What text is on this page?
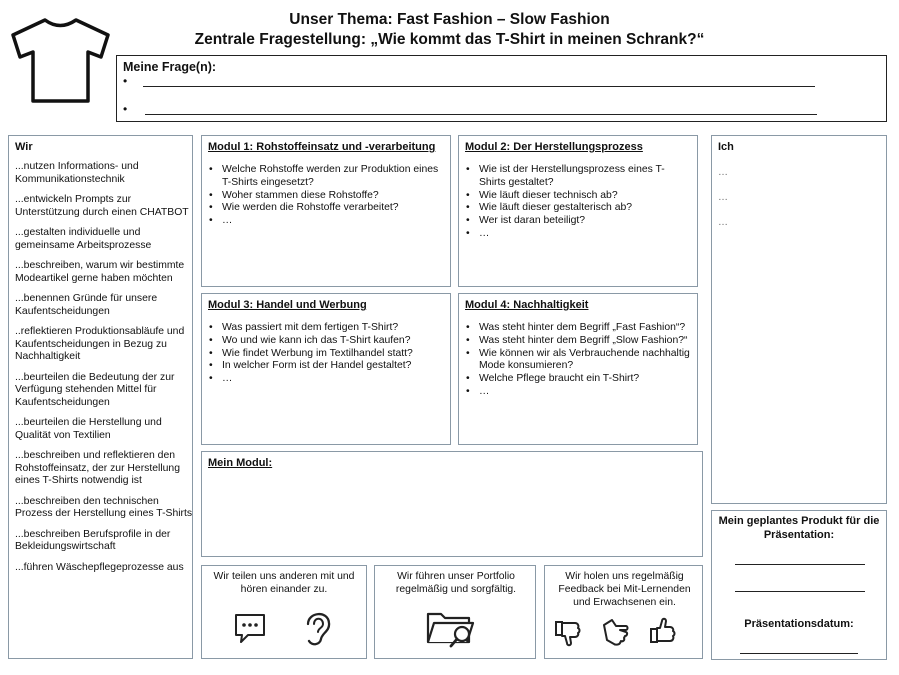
Unser Thema: Fast Fashion – Slow Fashion
Zentrale Fragestellung: „Wie kommt das T-Shirt in meinen Schrank?“
Meine Frage(n):
•
•
Wir
...nutzen Informations- und Kommunikationstechnik
...entwickeln Prompts zur Unterstützung durch einen CHATBOT
...gestalten individuelle und gemeinsame Arbeitsprozesse
...beschreiben, warum wir bestimmte Modeartikel gerne haben möchten
...benennen Gründe für unsere Kaufentscheidungen
..reflektieren Produktionsabläufe und Kaufentscheidungen in Bezug zu Nachhaltigkeit
...beurteilen die Bedeutung der zur Verfügung stehenden Mittel für Kaufentscheidungen
...beurteilen die Herstellung und Qualität von Textilien
...beschreiben und reflektieren den Rohstoffeinsatz, der zur Herstellung eines T-Shirts notwendig ist
...beschreiben den technischen Prozess der Herstellung eines T-Shirts
...beschreiben Berufsprofile in der Bekleidungswirtschaft
...führen Wäschepflegeprozesse aus
Modul 1: Rohstoffeinsatz und -verarbeitung
• Welche Rohstoffe werden zur Produktion eines T-Shirts eingesetzt?
• Woher stammen diese Rohstoffe?
• Wie werden die Rohstoffe verarbeitet?
• …
Modul 2: Der Herstellungsprozess
• Wie ist der Herstellungsprozess eines T-Shirts gestaltet?
• Wie läuft dieser technisch ab?
• Wie läuft dieser gestalterisch ab?
• Wer ist daran beteiligt?
• …
Modul 3: Handel und Werbung
• Was passiert mit dem fertigen T-Shirt?
• Wo und wie kann ich das T-Shirt kaufen?
• Wie findet Werbung im Textilhandel statt?
• In welcher Form ist der Handel gestaltet?
• …
Modul 4: Nachhaltigkeit
• Was steht hinter dem Begriff „Fast Fashion“?
• Was steht hinter dem Begriff „Slow Fashion?“
• Wie können wir als Verbrauchende nachhaltig Mode konsumieren?
• Welche Pflege braucht ein T-Shirt?
• …
Mein Modul:
Ich
…
…
…
Mein geplantes Produkt für die Präsentation:
Präsentationsdatum:
Wir teilen uns anderen mit und hören einander zu.
Wir führen unser Portfolio regelmäßig und sorgfältig.
Wir holen uns regelmäßig Feedback bei Mit-Lernenden und Erwachsenen ein.
